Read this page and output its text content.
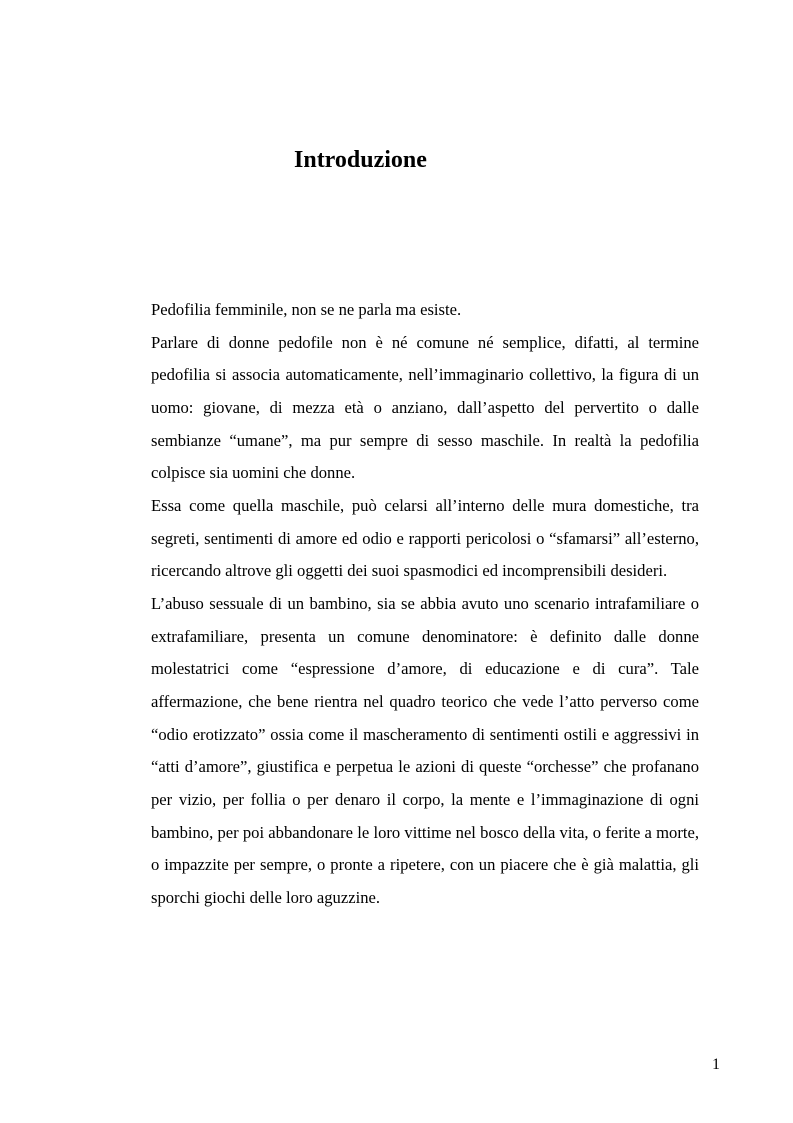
Introduzione

Pedofilia femminile, non se ne parla ma esiste.

Parlare di donne pedofile non è né comune né semplice, difatti, al termine pedofilia si associa automaticamente, nell’immaginario collettivo, la figura di un uomo: giovane, di mezza età o anziano, dall’aspetto del pervertito o dalle sembianze “umane”, ma pur sempre di sesso maschile. In realtà la pedofilia colpisce sia uomini che donne.

Essa come quella maschile, può celarsi all’interno delle mura domestiche, tra segreti, sentimenti di amore ed odio e rapporti pericolosi o “sfamarsi” all’esterno, ricercando altrove gli oggetti dei suoi spasmodici ed incomprensibili desideri.

L’abuso sessuale di un bambino, sia se abbia avuto uno scenario intrafamiliare o extrafamiliare, presenta un comune denominatore: è definito dalle donne molestatrici come “espressione d’amore, di educazione e di cura”. Tale affermazione, che bene rientra nel quadro teorico che vede l’atto perverso come “odio erotizzato” ossia come il mascheramento di sentimenti ostili e aggressivi in “atti d’amore”, giustifica e perpetua le azioni di queste “orchesse” che profanano per vizio, per follia o per denaro il corpo, la mente e l’immaginazione di ogni bambino, per poi abbandonare le loro vittime nel bosco della vita, o ferite a morte, o impazzite per sempre, o pronte a ripetere, con un piacere che è già malattia, gli sporchi giochi delle loro aguzzine.

1
